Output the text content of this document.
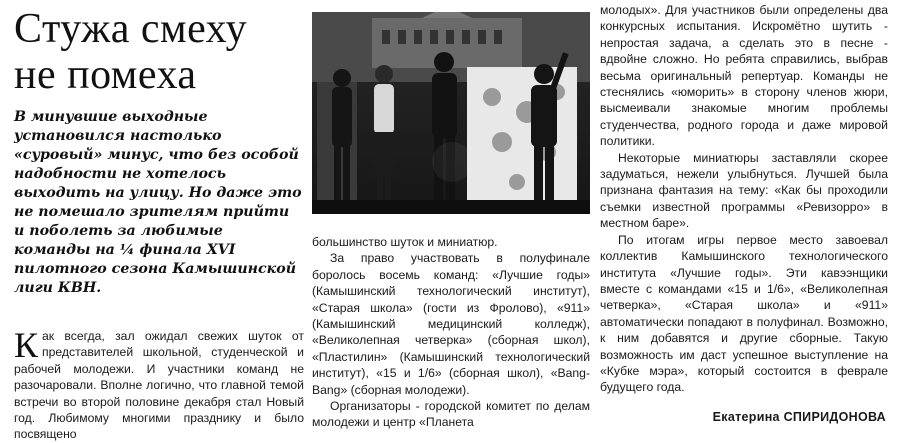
Стужа смеху
не помеха

В минувшие выходные установился настолько «суровый» минус, что без особой надобности не хотелось выходить на улицу. Но даже это не помешало зрителям прийти и поболеть за любимые команды на ¼ финала XVI пилотного сезона Камышинской лиги КВН.

Как всегда, зал ожидал свежих шуток от представителей школьной, студенческой и рабочей молодежи. И участники команд не разочаровали. Вполне логично, что главной темой встречи во второй половине декабря стал Новый год. Любимому многими празднику и было посвящено

большинство шуток и миниатюр.

За право участвовать в полуфинале боролось восемь команд: «Лучшие годы» (Камышинский технологический институт), «Старая школа» (гости из Фролово), «911» (Камышинский медицинский колледж), «Великолепная четверка» (сборная школ), «Пластилин» (Камышинский технологический институт), «15 и 1/6» (сборная школ), «Bang- Bang» (сборная молодежи).

Организаторы - городской комитет по делам молодежи и центр «Планета

молодых». Для участников были определены два конкурсных испытания. Искромётно шутить - непростая задача, а сделать это в песне - вдвойне сложно. Но ребята справились, выбрав весьма оригинальный репертуар. Команды не стеснялись «юморить» в сторону членов жюри, высмеивали знакомые многим проблемы студенчества, родного города и даже мировой политики.

Некоторые миниатюры заставляли скорее задуматься, нежели улыбнуться. Лучшей была признана фантазия на тему: «Как бы проходили съемки известной программы «Ревизорро» в местном баре».

По итогам игры первое место завоевал коллектив Камышинского технологического института «Лучшие годы». Эти кавээнщики вместе с командами «15 и 1/6», «Великолепная четверка», «Старая школа» и «911» автоматически попадают в полуфинал. Возможно, к ним добавятся и другие сборные. Такую возможность им даст успешное выступление на «Кубке мэра», который состоится в феврале будущего года.

Екатерина СПИРИДОНОВА
